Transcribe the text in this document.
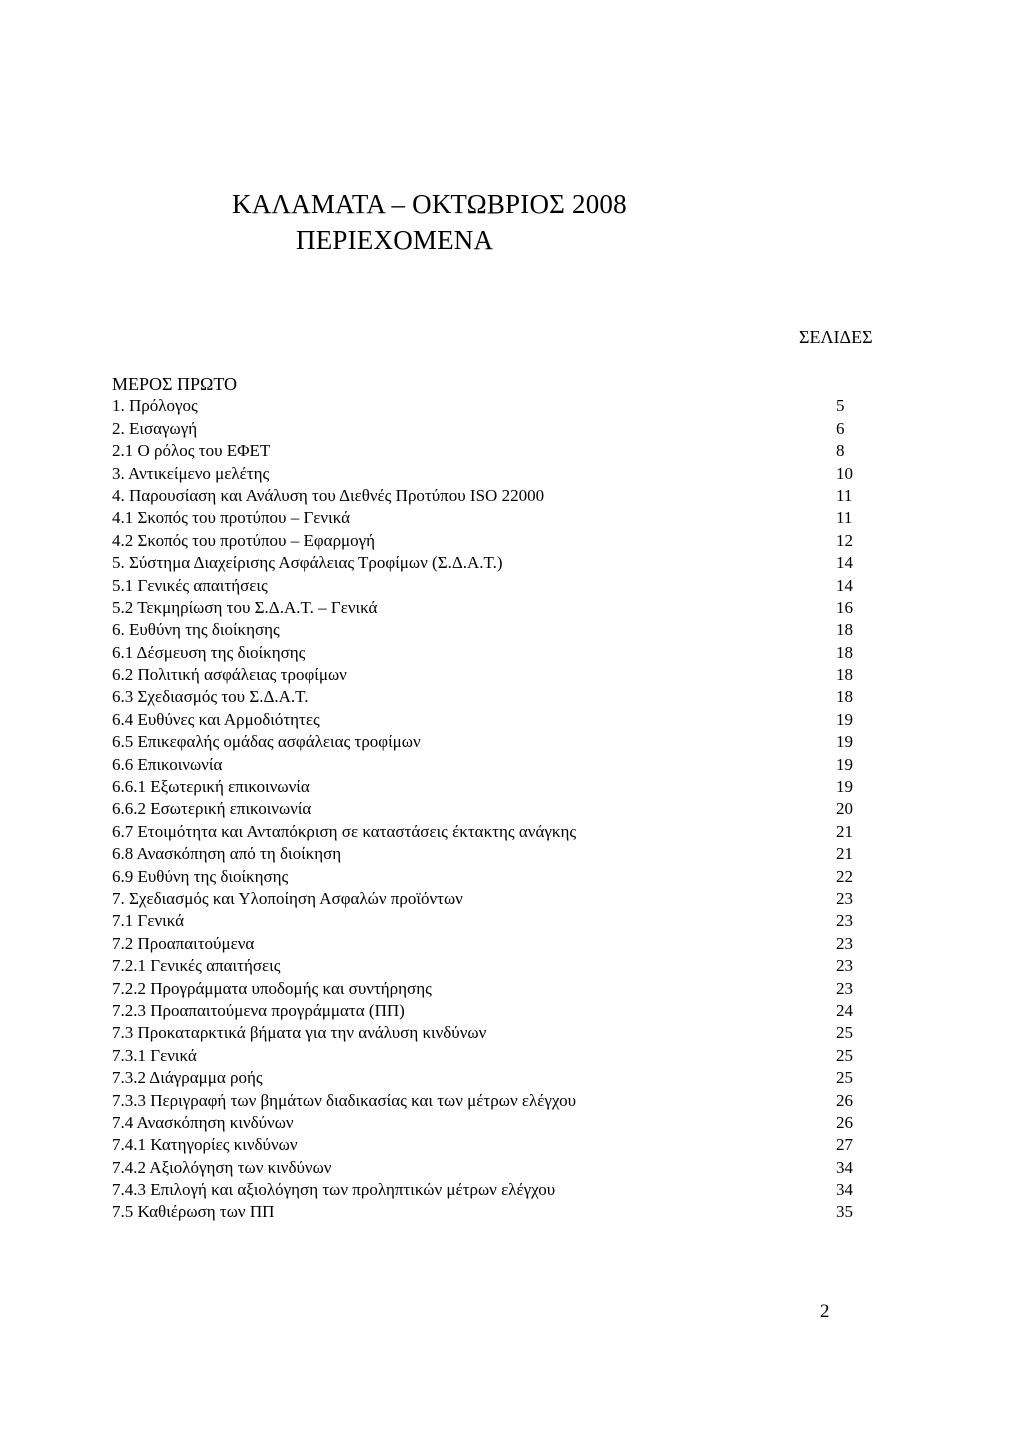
ΚΑΛΑΜΑΤΑ – ΟΚΤΩΒΡΙΟΣ 2008
ΠΕΡΙΕΧΟΜΕΝΑ
ΣΕΛΙΔΕΣ
ΜΕΡΟΣ ΠΡΩΤΟ
1. Πρόλογος	5
2. Εισαγωγή	6
2.1 Ο ρόλος του ΕΦΕΤ	8
3. Αντικείμενο μελέτης	10
4. Παρουσίαση και Ανάλυση του Διεθνές Προτύπου ISO 22000	11
4.1 Σκοπός του προτύπου – Γενικά	11
4.2 Σκοπός του προτύπου – Εφαρμογή	12
5. Σύστημα Διαχείρισης Ασφάλειας Τροφίμων (Σ.Δ.Α.Τ.)	14
5.1 Γενικές απαιτήσεις	14
5.2 Τεκμηρίωση του Σ.Δ.Α.Τ. – Γενικά	16
6. Ευθύνη της διοίκησης	18
6.1 Δέσμευση της διοίκησης	18
6.2 Πολιτική ασφάλειας τροφίμων	18
6.3 Σχεδιασμός του Σ.Δ.Α.Τ.	18
6.4 Ευθύνες και Αρμοδιότητες	19
6.5 Επικεφαλής ομάδας ασφάλειας τροφίμων	19
6.6 Επικοινωνία	19
6.6.1 Εξωτερική επικοινωνία	19
6.6.2 Εσωτερική επικοινωνία	20
6.7 Ετοιμότητα και Ανταπόκριση σε καταστάσεις έκτακτης ανάγκης	21
6.8 Ανασκόπηση από τη διοίκηση	21
6.9 Ευθύνη της διοίκησης	22
7. Σχεδιασμός και Υλοποίηση Ασφαλών προϊόντων	23
7.1 Γενικά	23
7.2 Προαπαιτούμενα	23
7.2.1 Γενικές απαιτήσεις	23
7.2.2 Προγράμματα υποδομής και συντήρησης	23
7.2.3 Προαπαιτούμενα προγράμματα (ΠΠ)	24
7.3 Προκαταρκτικά βήματα για την ανάλυση κινδύνων	25
7.3.1 Γενικά	25
7.3.2 Διάγραμμα ροής	25
7.3.3 Περιγραφή των βημάτων διαδικασίας και των μέτρων ελέγχου	26
7.4 Ανασκόπηση κινδύνων	26
7.4.1 Κατηγορίες κινδύνων	27
7.4.2 Αξιολόγηση των κινδύνων	34
7.4.3 Επιλογή και αξιολόγηση των προληπτικών μέτρων ελέγχου	34
7.5 Καθιέρωση των ΠΠ	35
2
